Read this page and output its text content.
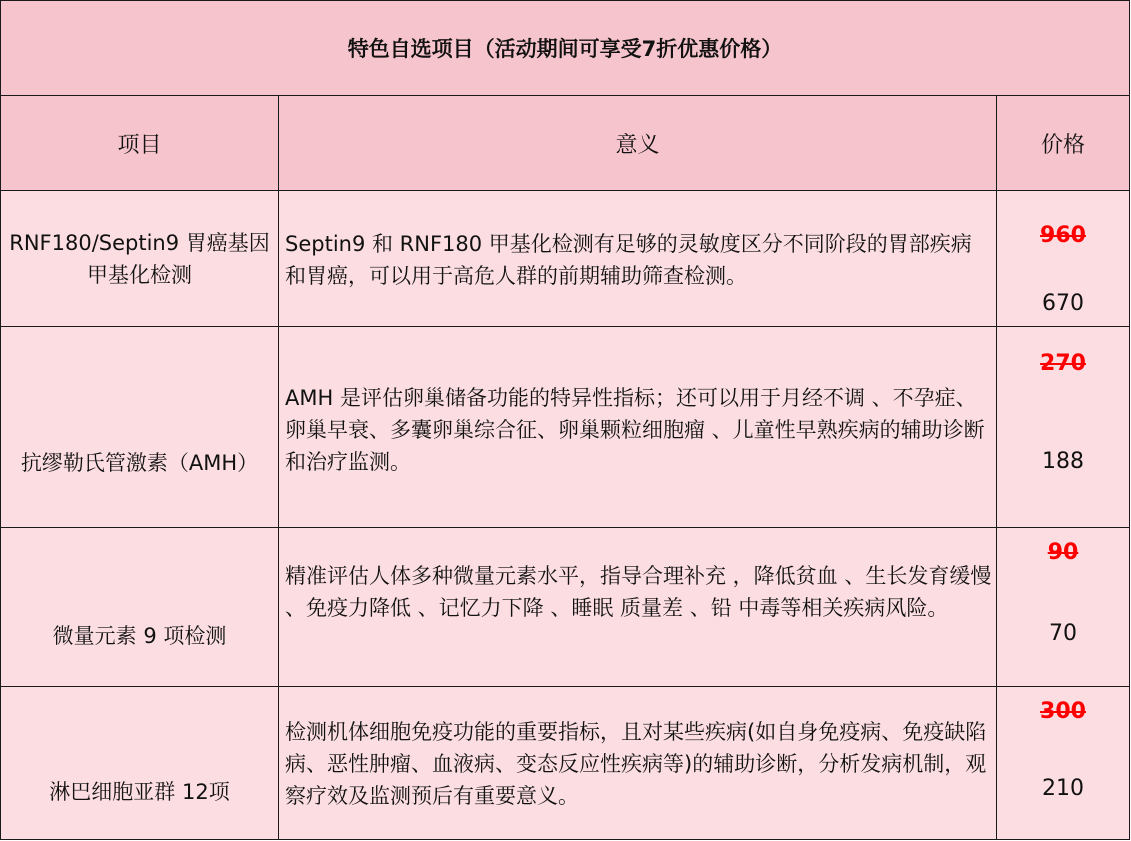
特色自选项目（活动期间可享受7折优惠价格）
项目	意义	价格
RNF180/Septin9 胃癌基因甲基化检测
Septin9 和 RNF180 甲基化检测有足够的灵敏度区分不同阶段的胃部疾病和胃癌，可以用于高危人群的前期辅助筛查检测。
960
670
抗缪勒氏管激素（AMH）
AMH 是评估卵巢储备功能的特异性指标；还可以用于月经不调 、不孕症、卵巢早衰、多囊卵巢综合征、卵巢颗粒细胞瘤 、儿童性早熟疾病的辅助诊断和治疗监测。
270
188
微量元素 9 项检测
精准评估人体多种微量元素水平，指导合理补充 ，降低贫血 、生长发育缓慢 、免疫力降低 、记忆力下降 、睡眠 质量差 、铅 中毒等相关疾病风险。
90
70
淋巴细胞亚群 12项
检测机体细胞免疫功能的重要指标，且对某些疾病(如自身免疫病、免疫缺陷病、恶性肿瘤、血液病、变态反应性疾病等)的辅助诊断，分析发病机制，观察疗效及监测预后有重要意义。
300
210
